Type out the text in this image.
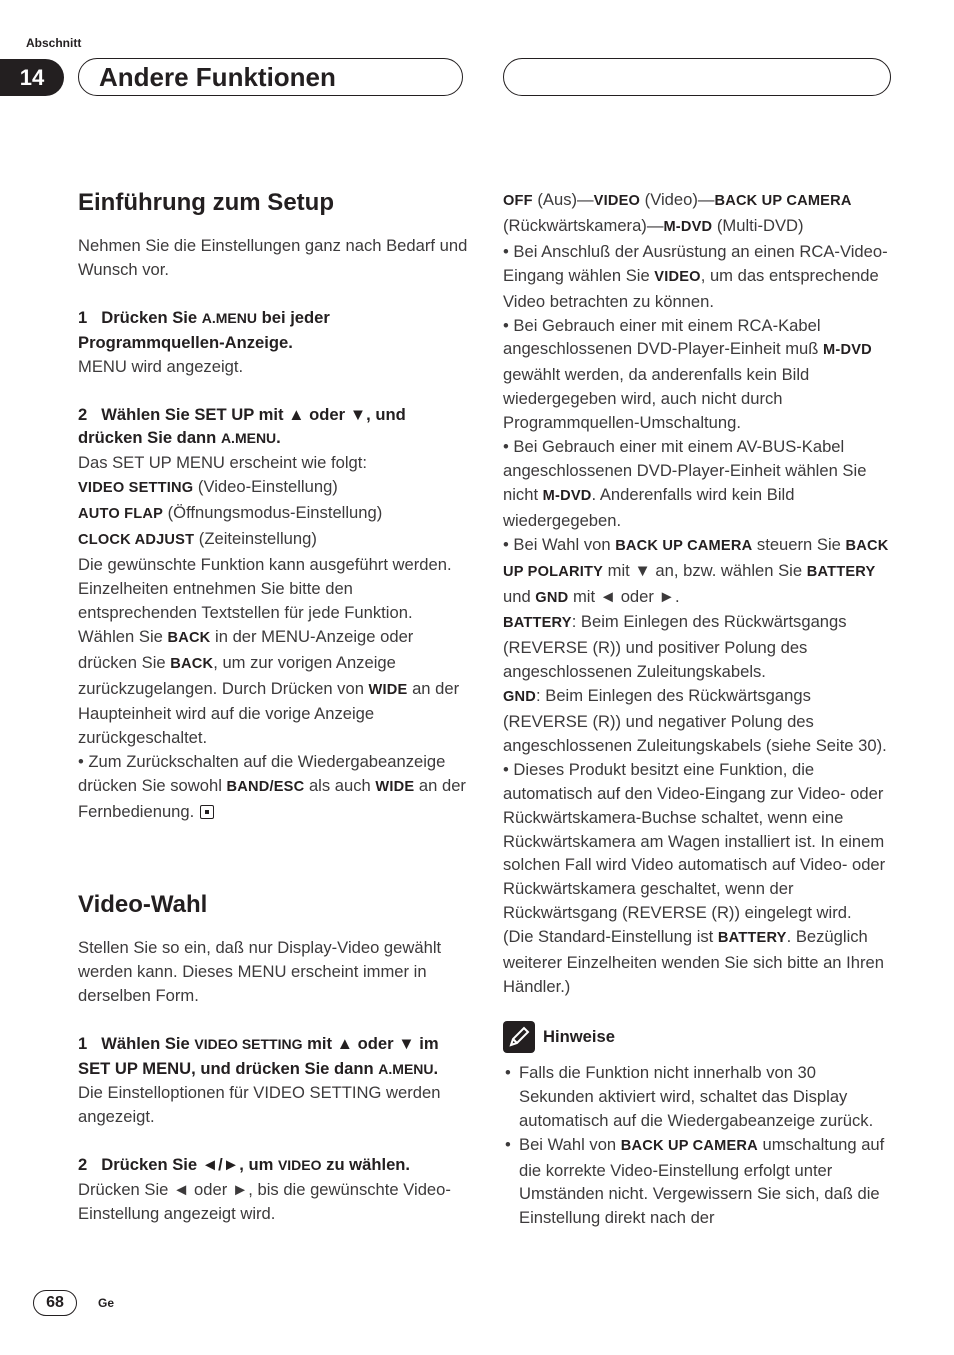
Abschnitt
14	Andere Funktionen
Einführung zum Setup

Nehmen Sie die Einstellungen ganz nach Bedarf und Wunsch vor.

1 Drücken Sie A.MENU bei jeder Programmquellen-Anzeige.

MENU wird angezeigt.

2 Wählen Sie SET UP mit ▲ oder ▼, und drücken Sie dann A.MENU.

Das SET UP MENU erscheint wie folgt:

VIDEO SETTING (Video-Einstellung)

AUTO FLAP (Öffnungsmodus-Einstellung)

CLOCK ADJUST (Zeiteinstellung)

Die gewünschte Funktion kann ausgeführt werden. Einzelheiten entnehmen Sie bitte den entsprechenden Textstellen für jede Funktion. Wählen Sie BACK in der MENU-Anzeige oder drücken Sie BACK, um zur vorigen Anzeige zurückzugelangen. Durch Drücken von WIDE an der Haupteinheit wird auf die vorige Anzeige zurückgeschaltet.

• Zum Zurückschalten auf die Wiedergabeanzeige drücken Sie sowohl BAND/ESC als auch WIDE an der Fernbedienung.

Video-Wahl

Stellen Sie so ein, daß nur Display-Video gewählt werden kann. Dieses MENU erscheint immer in derselben Form.

1 Wählen Sie VIDEO SETTING mit ▲ oder ▼ im SET UP MENU, und drücken Sie dann A.MENU.

Die Einstelloptionen für VIDEO SETTING werden angezeigt.

2 Drücken Sie ◄/►, um VIDEO zu wählen.

Drücken Sie ◄ oder ►, bis die gewünschte Video-Einstellung angezeigt wird.

OFF (Aus)—VIDEO (Video)—BACK UP CAMERA (Rückwärtskamera)—M-DVD (Multi-DVD)

• Bei Anschluß der Ausrüstung an einen RCA-Video-Eingang wählen Sie VIDEO, um das entsprechende Video betrachten zu können.

• Bei Gebrauch einer mit einem RCA-Kabel angeschlossenen DVD-Player-Einheit muß M-DVD gewählt werden, da anderenfalls kein Bild wiedergegeben wird, auch nicht durch Programmquellen-Umschaltung.

• Bei Gebrauch einer mit einem AV-BUS-Kabel angeschlossenen DVD-Player-Einheit wählen Sie nicht M-DVD. Anderenfalls wird kein Bild wiedergegeben.

• Bei Wahl von BACK UP CAMERA steuern Sie BACK UP POLARITY mit ▼ an, bzw. wählen Sie BATTERY und GND mit ◄ oder ►.

BATTERY: Beim Einlegen des Rückwärtsgangs (REVERSE (R)) und positiver Polung des angeschlossenen Zuleitungskabels.

GND: Beim Einlegen des Rückwärtsgangs (REVERSE (R)) und negativer Polung des angeschlossenen Zuleitungskabels (siehe Seite 30).

• Dieses Produkt besitzt eine Funktion, die automatisch auf den Video-Eingang zur Video- oder Rückwärtskamera-Buchse schaltet, wenn eine Rückwärtskamera am Wagen installiert ist. In einem solchen Fall wird Video automatisch auf Video- oder Rückwärtskamera geschaltet, wenn der Rückwärtsgang (REVERSE (R)) eingelegt wird.

(Die Standard-Einstellung ist BATTERY. Bezüglich weiterer Einzelheiten wenden Sie sich bitte an Ihren Händler.)

Hinweise
• Falls die Funktion nicht innerhalb von 30 Sekunden aktiviert wird, schaltet das Display automatisch auf die Wiedergabeanzeige zurück.
• Bei Wahl von BACK UP CAMERA umschaltung auf die korrekte Video-Einstellung erfolgt unter Umständen nicht. Vergewissern Sie sich, daß die Einstellung direkt nach der
68	Ge
